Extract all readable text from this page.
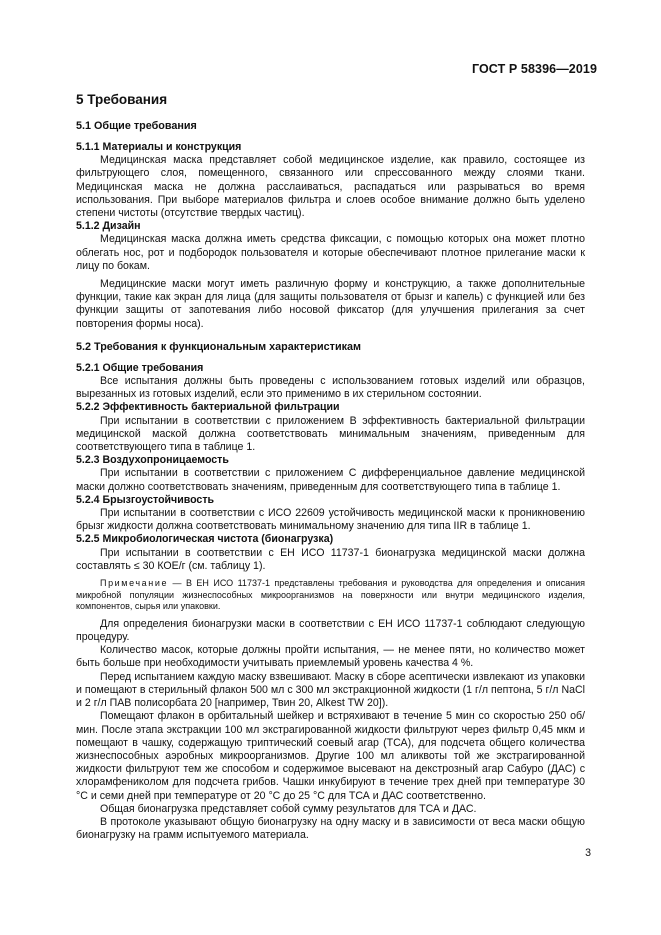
ГОСТ Р 58396—2019
5 Требования
5.1 Общие требования
5.1.1 Материалы и конструкция

Медицинская маска представляет собой медицинское изделие, как правило, состоящее из фильтрующего слоя, помещенного, связанного или спрессованного между слоями ткани. Медицинская маска не должна расслаиваться, распадаться или разрываться во время использования. При выборе материалов фильтра и слоев особое внимание должно быть уделено степени чистоты (отсутствие твердых частиц).

5.1.2 Дизайн

Медицинская маска должна иметь средства фиксации, с помощью которых она может плотно облегать нос, рот и подбородок пользователя и которые обеспечивают плотное прилегание маски к лицу по бокам.

Медицинские маски могут иметь различную форму и конструкцию, а также дополнительные функции, такие как экран для лица (для защиты пользователя от брызг и капель) с функцией или без функции защиты от запотевания либо носовой фиксатор (для улучшения прилегания за счет повторения формы носа).

5.2 Требования к функциональным характеристикам
5.2.1 Общие требования

Все испытания должны быть проведены с использованием готовых изделий или образцов, вырезанных из готовых изделий, если это применимо в их стерильном состоянии.

5.2.2 Эффективность бактериальной фильтрации

При испытании в соответствии с приложением В эффективность бактериальной фильтрации медицинской маской должна соответствовать минимальным значениям, приведенным для соответствующего типа в таблице 1.

5.2.3 Воздухопроницаемость

При испытании в соответствии с приложением С дифференциальное давление медицинской маски должно соответствовать значениям, приведенным для соответствующего типа в таблице 1.

5.2.4 Брызгоустойчивость

При испытании в соответствии с ИСО 22609 устойчивость медицинской маски к проникновению брызг жидкости должна соответствовать минимальному значению для типа IIR в таблице 1.

5.2.5 Микробиологическая чистота (бионагрузка)

При испытании в соответствии с ЕН ИСО 11737-1 бионагрузка медицинской маски должна составлять ≤ 30 КОЕ/г (см. таблицу 1).

Примечание — В ЕН ИСО 11737-1 представлены требования и руководства для определения и описания микробной популяции жизнеспособных микроорганизмов на поверхности или внутри медицинского изделия, компонентов, сырья или упаковки.

Для определения бионагрузки маски в соответствии с ЕН ИСО 11737-1 соблюдают следующую процедуру.

Количество масок, которые должны пройти испытания, — не менее пяти, но количество может быть больше при необходимости учитывать приемлемый уровень качества 4 %.

Перед испытанием каждую маску взвешивают. Маску в сборе асептически извлекают из упаковки и помещают в стерильный флакон 500 мл с 300 мл экстракционной жидкости (1 г/л пептона, 5 г/л NaCl и 2 г/л ПАВ полисорбата 20 [например, Твин 20, Alkest TW 20]).

Помещают флакон в орбитальный шейкер и встряхивают в течение 5 мин со скоростью 250 об/мин. После этапа экстракции 100 мл экстрагированной жидкости фильтруют через фильтр 0,45 мкм и помещают в чашку, содержащую триптический соевый агар (ТСА), для подсчета общего количества жизнеспособных аэробных микроорганизмов. Другие 100 мл аликвоты той же экстрагированной жидкости фильтруют тем же способом и содержимое высевают на декстрозный агар Сабуро (ДАС) с хлорамфениколом для подсчета грибов. Чашки инкубируют в течение трех дней при температуре 30 °С и семи дней при температуре от 20 °С до 25 °С для ТСА и ДАС соответственно.

Общая бионагрузка представляет собой сумму результатов для ТСА и ДАС.

В протоколе указывают общую бионагрузку на одну маску и в зависимости от веса маски общую бионагрузку на грамм испытуемого материала.

3
